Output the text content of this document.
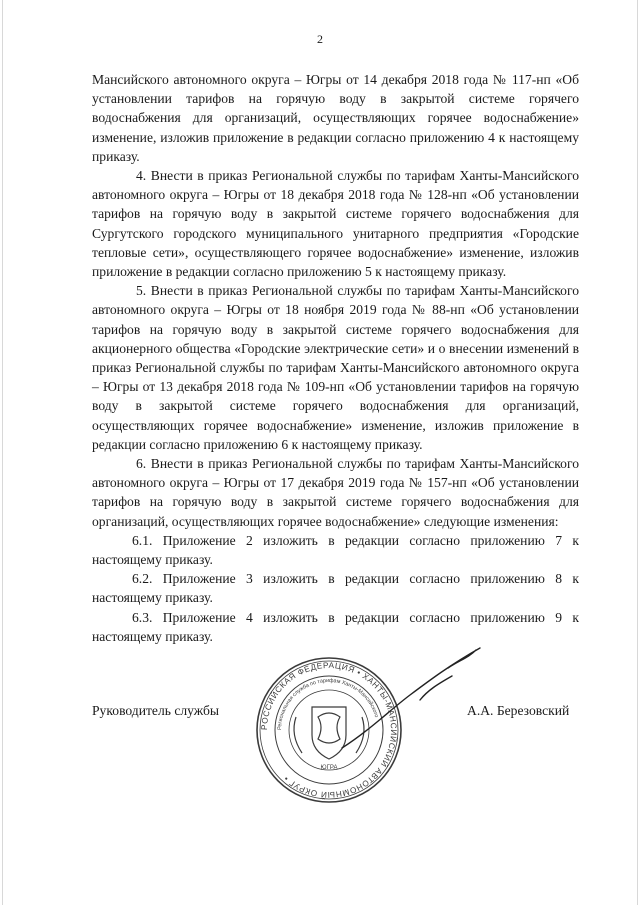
2

Мансийского автономного округа – Югры от 14 декабря 2018 года № 117-нп «Об установлении тарифов на горячую воду в закрытой системе горячего водоснабжения для организаций, осуществляющих горячее водоснабжение» изменение, изложив приложение в редакции согласно приложению 4 к настоящему приказу.

4. Внести в приказ Региональной службы по тарифам Ханты-Мансийского автономного округа – Югры от 18 декабря 2018 года № 128-нп «Об установлении тарифов на горячую воду в закрытой системе горячего водоснабжения для Сургутского городского муниципального унитарного предприятия «Городские тепловые сети», осуществляющего горячее водоснабжение» изменение, изложив приложение в редакции согласно приложению 5 к настоящему приказу.

5. Внести в приказ Региональной службы по тарифам Ханты-Мансийского автономного округа – Югры от 18 ноября 2019 года № 88-нп «Об установлении тарифов на горячую воду в закрытой системе горячего водоснабжения для акционерного общества «Городские электрические сети» и о внесении изменений в приказ Региональной службы по тарифам Ханты-Мансийского автономного округа – Югры от 13 декабря 2018 года № 109-нп «Об установлении тарифов на горячую воду в закрытой системе горячего водоснабжения для организаций, осуществляющих горячее водоснабжение» изменение, изложив приложение в редакции согласно приложению 6 к настоящему приказу.

6. Внести в приказ Региональной службы по тарифам Ханты-Мансийского автономного округа – Югры от 17 декабря 2019 года № 157-нп «Об установлении тарифов на горячую воду в закрытой системе горячего водоснабжения для организаций, осуществляющих горячее водоснабжение» следующие изменения:

6.1. Приложение 2 изложить в редакции согласно приложению 7 к настоящему приказу.

6.2. Приложение 3 изложить в редакции согласно приложению 8 к настоящему приказу.

6.3. Приложение 4 изложить в редакции согласно приложению 9 к настоящему приказу.

Руководитель службы	А.А. Березовский
РОССИЙСКАЯ ФЕДЕРАЦИЯ • ХАНТЫ-МАНСИЙСКИЙ АВТОНОМНЫЙ ОКРУГ •
Региональная служба по тарифам Ханты-Мансийского
ЮГРА
